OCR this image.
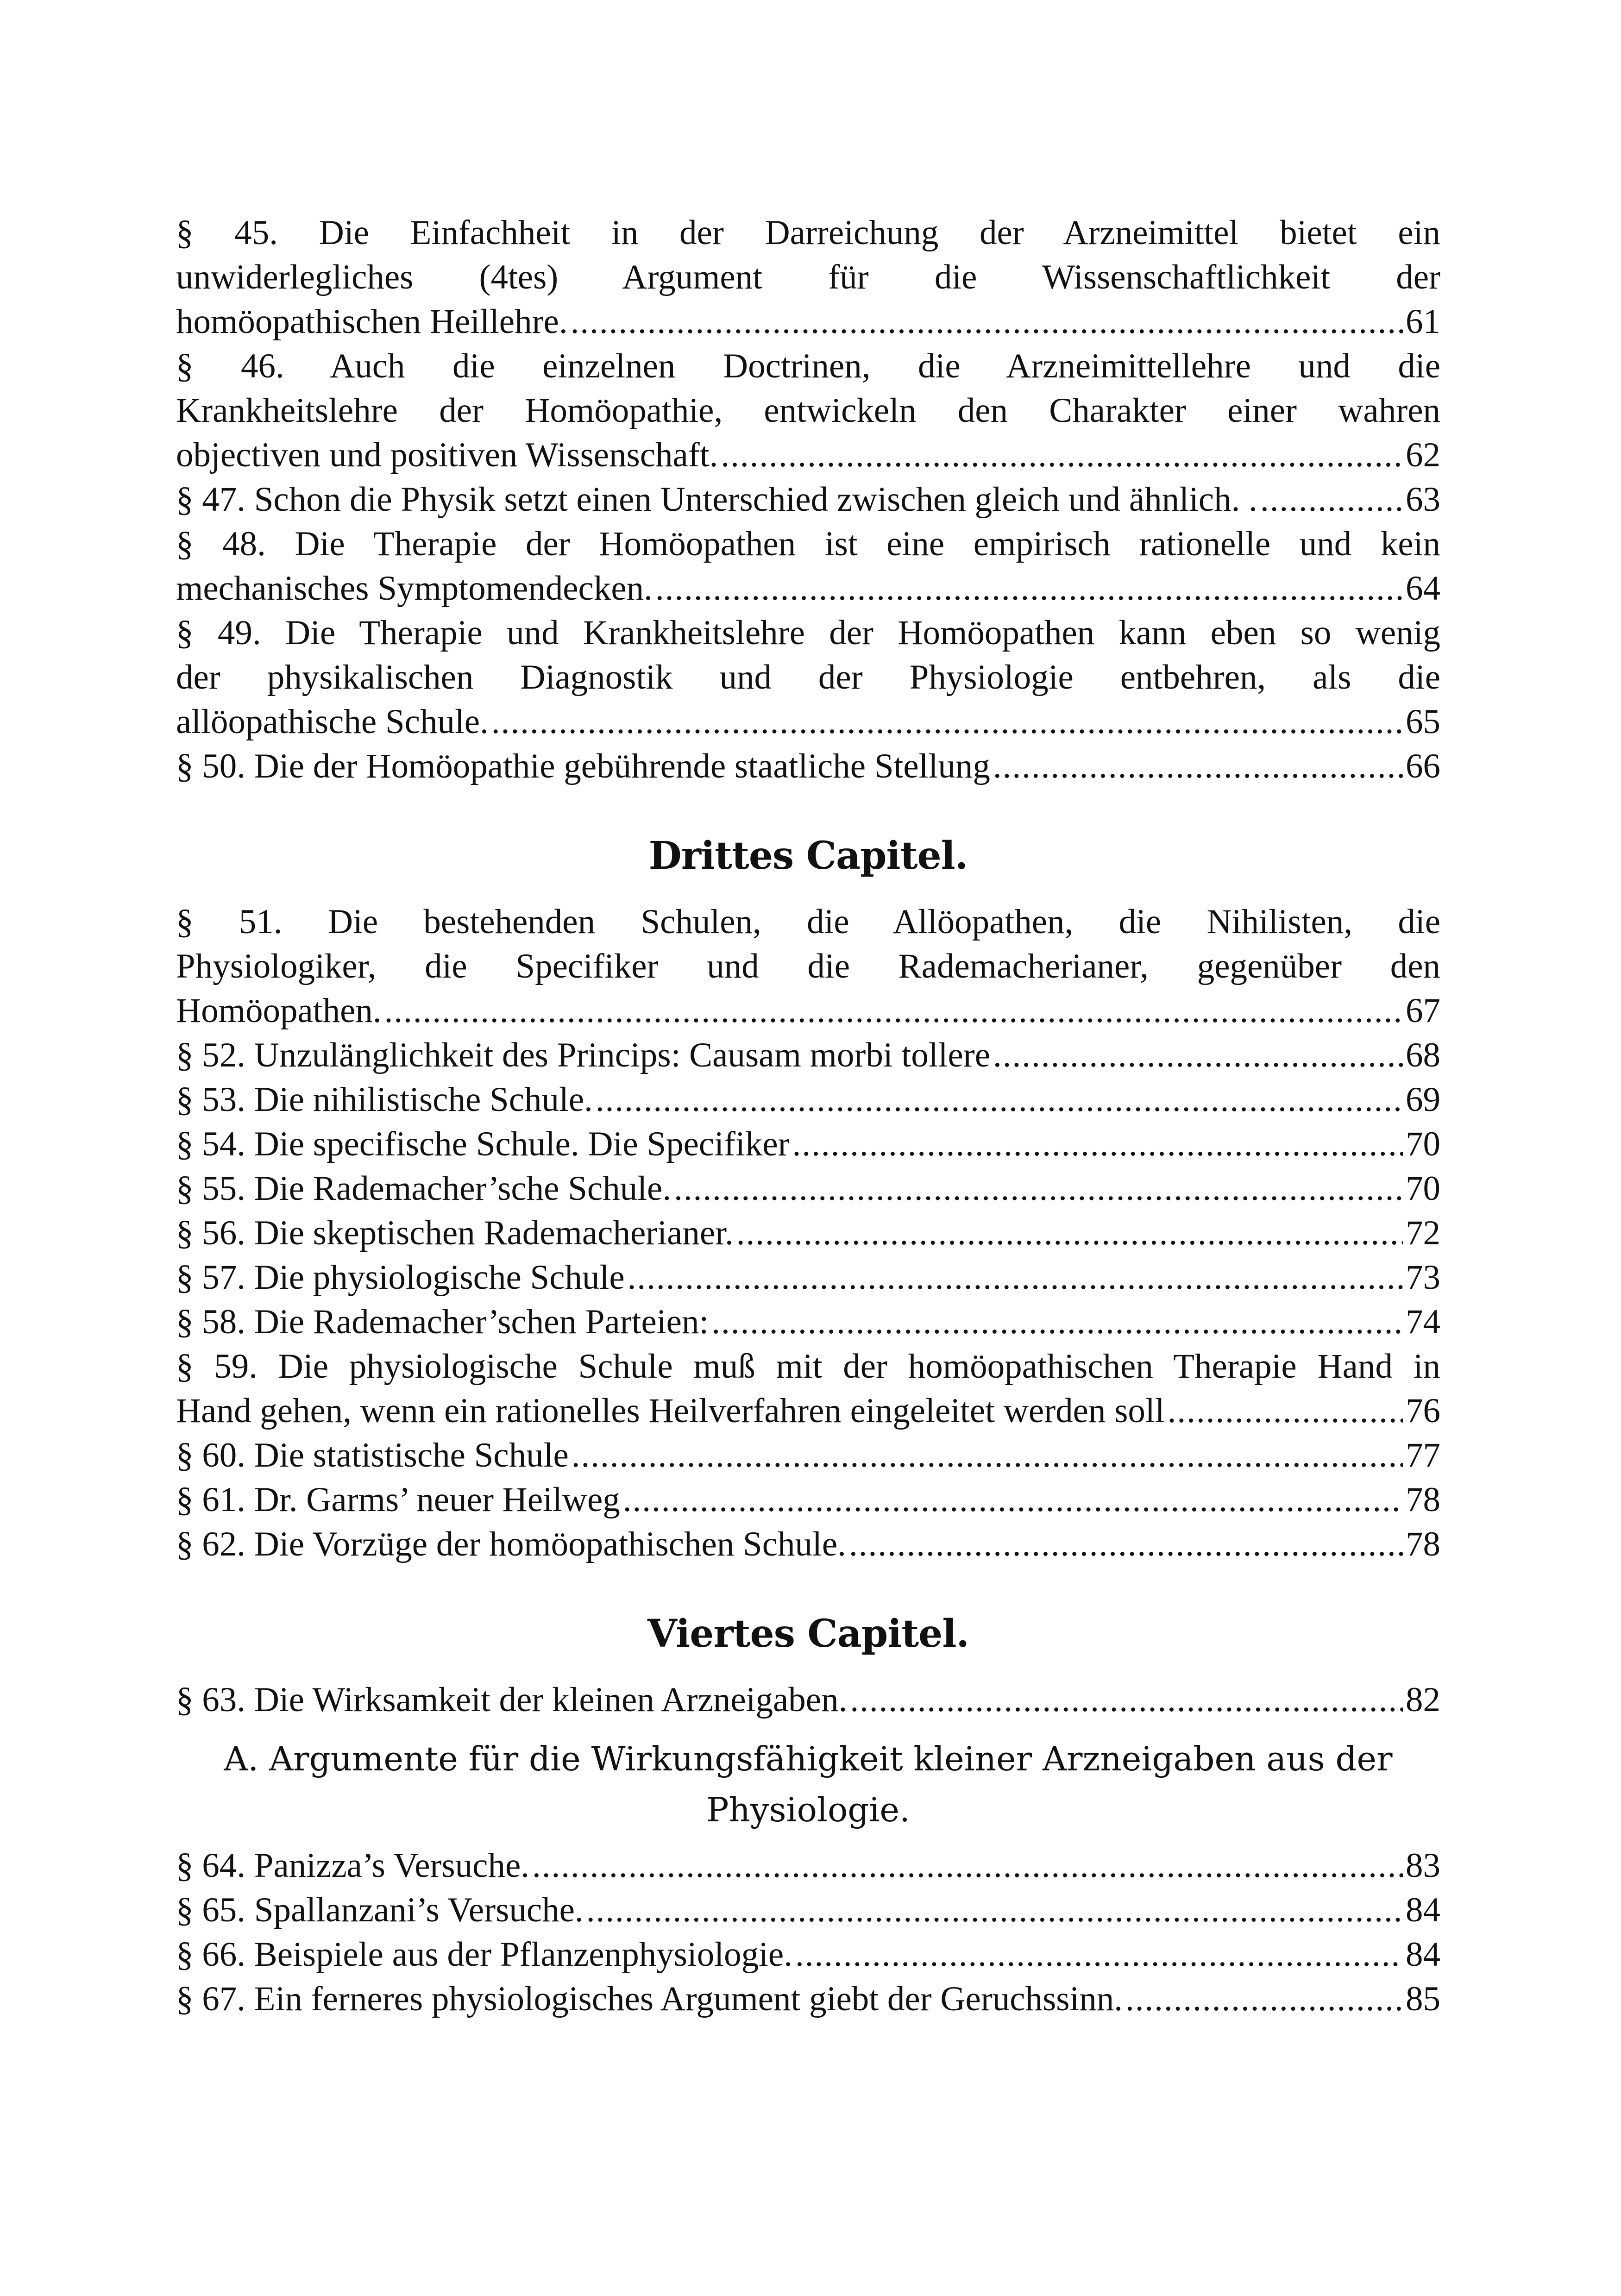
§ 45. Die Einfachheit in der Darreichung der Arzneimittel bietet ein
unwiderlegliches (4tes) Argument für die Wissenschaftlichkeit der
homöopathischen Heillehre. .....	61
§ 46. Auch die einzelnen Doctrinen, die Arzneimittellehre und die
Krankheitslehre der Homöopathie, entwickeln den Charakter einer wahren
objectiven und positiven Wissenschaft. .....	62
§ 47. Schon die Physik setzt einen Unterschied zwischen gleich und ähnlich. . .....	63
§ 48. Die Therapie der Homöopathen ist eine empirisch rationelle und kein
mechanisches Symptomendecken. .....	64
§ 49. Die Therapie und Krankheitslehre der Homöopathen kann eben so wenig
der physikalischen Diagnostik und der Physiologie entbehren, als die
allöopathische Schule. .....	65
§ 50. Die der Homöopathie gebührende staatliche Stellung .....	66
Drittes Capitel.
§ 51. Die bestehenden Schulen, die Allöopathen, die Nihilisten, die
Physiologiker, die Specifiker und die Rademacherianer, gegenüber den
Homöopathen. .....	67
§ 52. Unzulänglichkeit des Princips: Causam morbi tollere .....	68
§ 53. Die nihilistische Schule. .....	69
§ 54. Die specifische Schule. Die Specifiker .....	70
§ 55. Die Rademacher’sche Schule. .....	70
§ 56. Die skeptischen Rademacherianer. .....	72
§ 57. Die physiologische Schule .....	73
§ 58. Die Rademacher’schen Parteien: .....	74
§ 59. Die physiologische Schule muß mit der homöopathischen Therapie Hand in
Hand gehen, wenn ein rationelles Heilverfahren eingeleitet werden soll .....	76
§ 60. Die statistische Schule .....	77
§ 61. Dr. Garms’ neuer Heilweg .....	78
§ 62. Die Vorzüge der homöopathischen Schule. .....	78
Viertes Capitel.
§ 63. Die Wirksamkeit der kleinen Arzneigaben. .....	82
A. Argumente für die Wirkungsfähigkeit kleiner Arzneigaben aus der Physiologie.
§ 64. Panizza’s Versuche. .....	83
§ 65. Spallanzani’s Versuche. .....	84
§ 66. Beispiele aus der Pflanzenphysiologie. .....	84
§ 67. Ein ferneres physiologisches Argument giebt der Geruchssinn. .....	85
